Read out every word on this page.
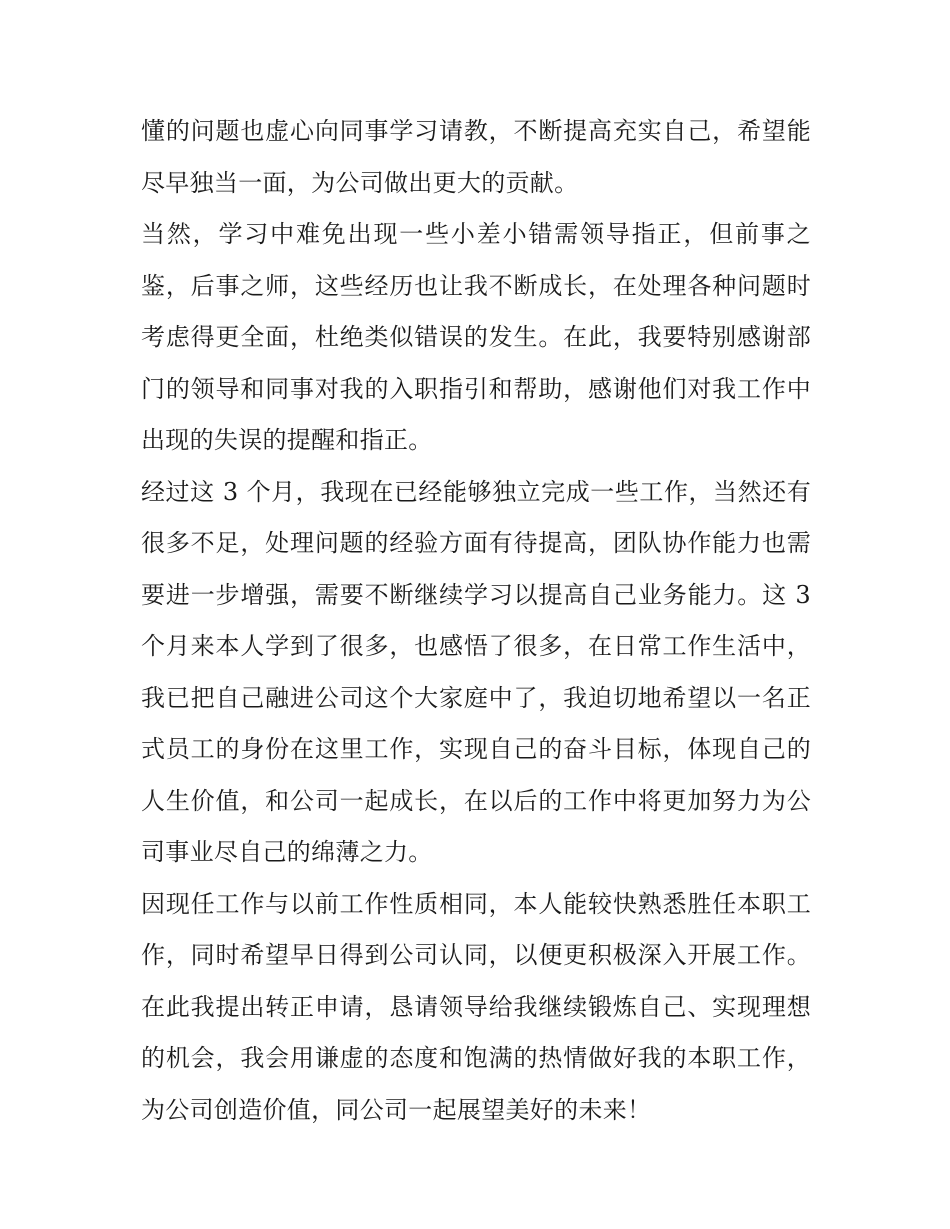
懂的问题也虚心向同事学习请教，不断提高充实自己，希望能尽早独当一面，为公司做出更大的贡献。

当然，学习中难免出现一些小差小错需领导指正，但前事之鉴，后事之师，这些经历也让我不断成长，在处理各种问题时考虑得更全面，杜绝类似错误的发生。在此，我要特别感谢部门的领导和同事对我的入职指引和帮助，感谢他们对我工作中出现的失误的提醒和指正。

经过这 3 个月，我现在已经能够独立完成一些工作，当然还有很多不足，处理问题的经验方面有待提高，团队协作能力也需要进一步增强，需要不断继续学习以提高自己业务能力。这 3 个月来本人学到了很多，也感悟了很多，在日常工作生活中，我已把自己融进公司这个大家庭中了，我迫切地希望以一名正式员工的身份在这里工作，实现自己的奋斗目标，体现自己的人生价值，和公司一起成长，在以后的工作中将更加努力为公司事业尽自己的绵薄之力。

因现任工作与以前工作性质相同，本人能较快熟悉胜任本职工作，同时希望早日得到公司认同，以便更积极深入开展工作。在此我提出转正申请，恳请领导给我继续锻炼自己、实现理想的机会，我会用谦虚的态度和饱满的热情做好我的本职工作，为公司创造价值，同公司一起展望美好的未来！
